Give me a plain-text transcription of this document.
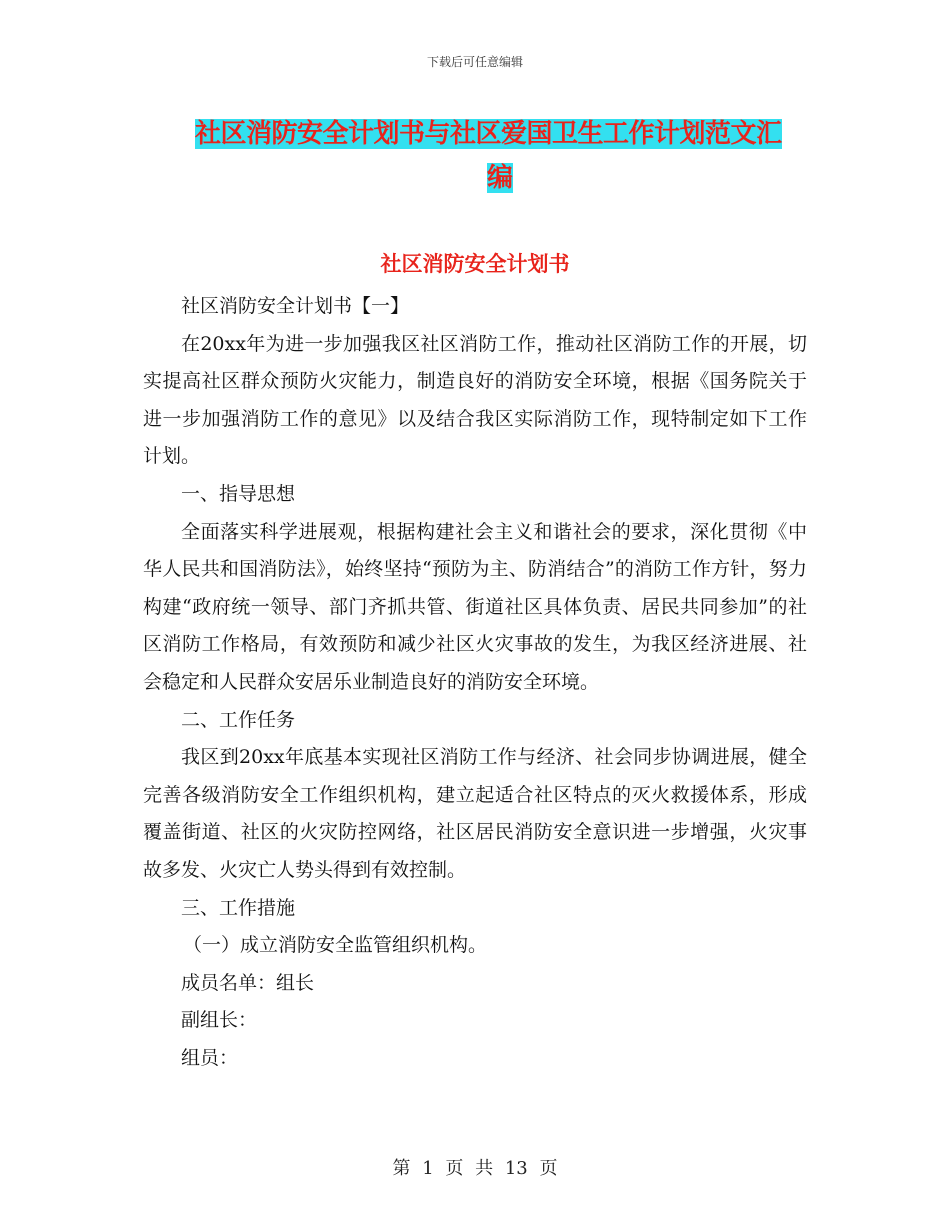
下载后可任意编辑
社区消防安全计划书与社区爱国卫生工作计划范文汇
编
社区消防安全计划书

社区消防安全计划书【一】

在20xx年为进一步加强我区社区消防工作，推动社区消防工作的开展，切实提高社区群众预防火灾能力，制造良好的消防安全环境，根据《国务院关于进一步加强消防工作的意见》以及结合我区实际消防工作，现特制定如下工作计划。

一、指导思想

全面落实科学进展观，根据构建社会主义和谐社会的要求，深化贯彻《中华人民共和国消防法》，始终坚持“预防为主、防消结合”的消防工作方针，努力构建“政府统一领导、部门齐抓共管、街道社区具体负责、居民共同参加”的社区消防工作格局，有效预防和减少社区火灾事故的发生，为我区经济进展、社会稳定和人民群众安居乐业制造良好的消防安全环境。

二、工作任务

我区到20xx年底基本实现社区消防工作与经济、社会同步协调进展，健全完善各级消防安全工作组织机构，建立起适合社区特点的灭火救援体系，形成覆盖街道、社区的火灾防控网络，社区居民消防安全意识进一步增强，火灾事故多发、火灾亡人势头得到有效控制。

三、工作措施

（一）成立消防安全监管组织机构。

成员名单：组长

副组长：

组员：

第 1 页 共 13 页
